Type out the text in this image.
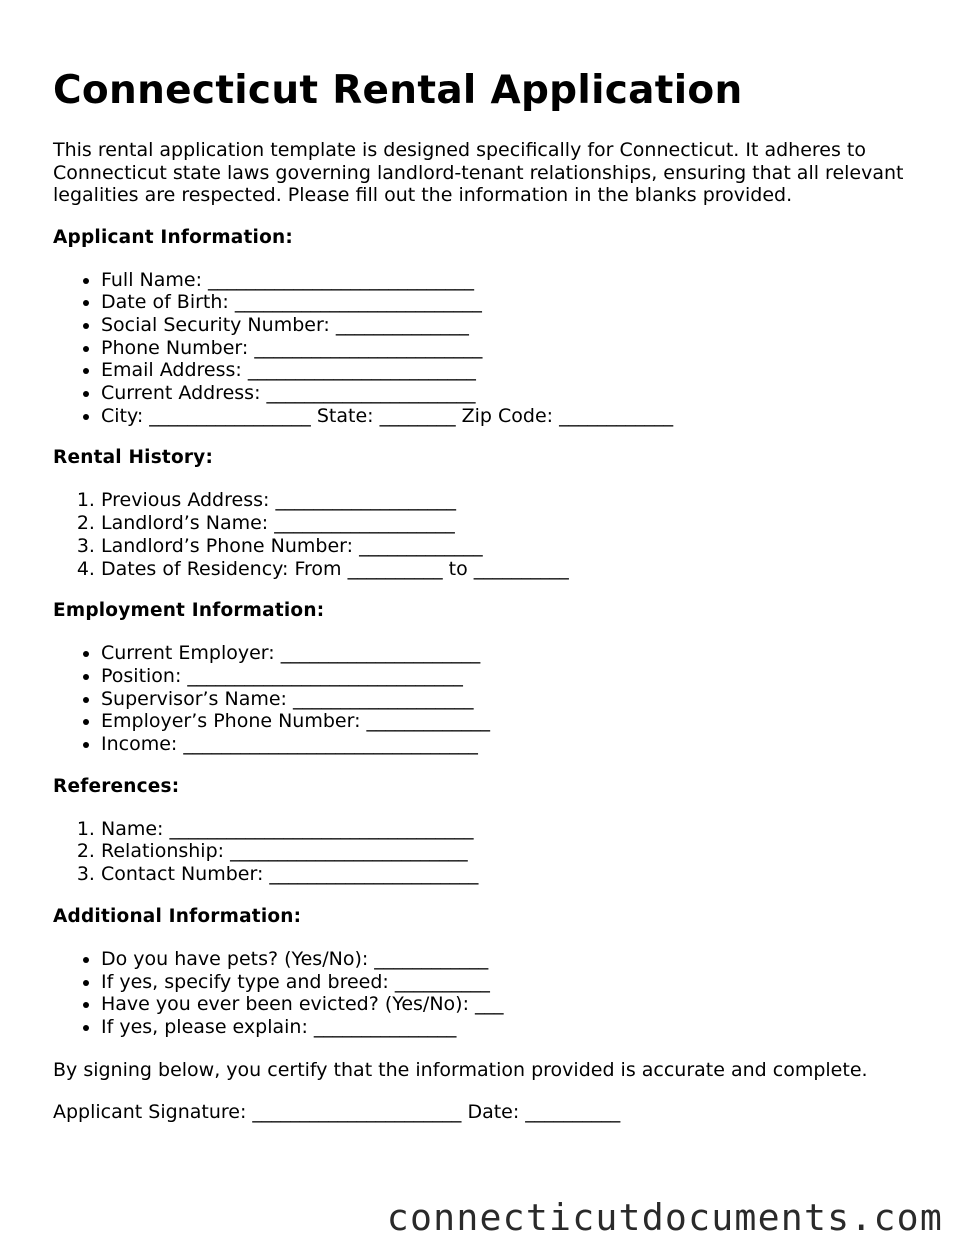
Connecticut Rental Application

This rental application template is designed specifically for Connecticut. It adheres to Connecticut state laws governing landlord-tenant relationships, ensuring that all relevant legalities are respected. Please fill out the information in the blanks provided.

Applicant Information:
• Full Name: ____________________________
• Date of Birth: __________________________
• Social Security Number: ______________
• Phone Number: ________________________
• Email Address: ________________________
• Current Address: ______________________
• City: _________________ State: ________ Zip Code: ____________
Rental History:
1. Previous Address: ___________________
2. Landlord’s Name: ___________________
3. Landlord’s Phone Number: _____________
4. Dates of Residency: From __________ to __________
Employment Information:
• Current Employer: _____________________
• Position: _____________________________
• Supervisor’s Name: ___________________
• Employer’s Phone Number: _____________
• Income: _______________________________
References:
1. Name: ________________________________
2. Relationship: _________________________
3. Contact Number: ______________________
Additional Information:
• Do you have pets? (Yes/No): ____________
• If yes, specify type and breed: __________
• Have you ever been evicted? (Yes/No): ___
• If yes, please explain: _______________

By signing below, you certify that the information provided is accurate and complete.

Applicant Signature: ______________________ Date: __________

connecticutdocuments.com
